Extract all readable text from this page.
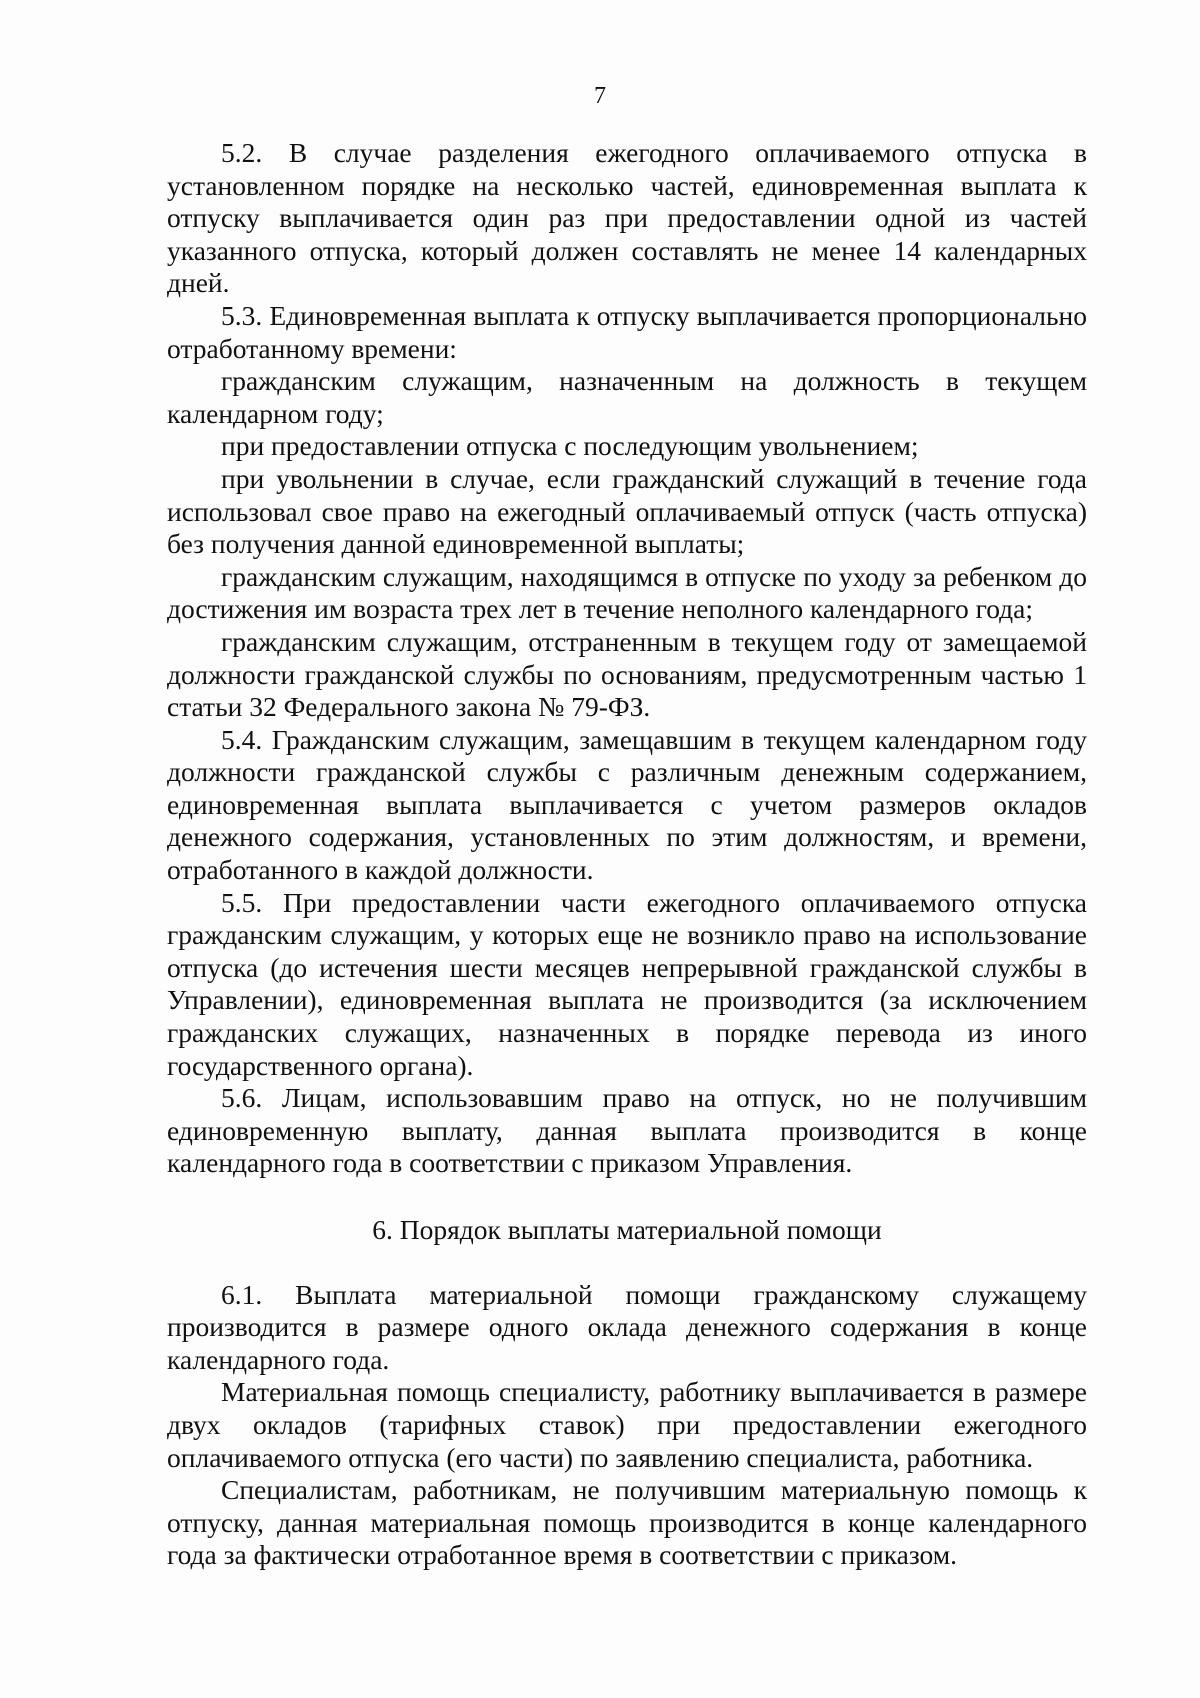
7

5.2. В случае разделения ежегодного оплачиваемого отпуска в установленном порядке на несколько частей, единовременная выплата к отпуску выплачивается один раз при предоставлении одной из частей указанного отпуска, который должен составлять не менее 14 календарных дней.

5.3. Единовременная выплата к отпуску выплачивается пропорционально отработанному времени:

гражданским служащим, назначенным на должность в текущем календарном году;

при предоставлении отпуска с последующим увольнением;

при увольнении в случае, если гражданский служащий в течение года использовал свое право на ежегодный оплачиваемый отпуск (часть отпуска) без получения данной единовременной выплаты;

гражданским служащим, находящимся в отпуске по уходу за ребенком до достижения им возраста трех лет в течение неполного календарного года;

гражданским служащим, отстраненным в текущем году от замещаемой должности гражданской службы по основаниям, предусмотренным частью 1 статьи 32 Федерального закона № 79-ФЗ.

5.4. Гражданским служащим, замещавшим в текущем календарном году должности гражданской службы с различным денежным содержанием, единовременная выплата выплачивается с учетом размеров окладов денежного содержания, установленных по этим должностям, и времени, отработанного в каждой должности.

5.5. При предоставлении части ежегодного оплачиваемого отпуска гражданским служащим, у которых еще не возникло право на использование отпуска (до истечения шести месяцев непрерывной гражданской службы в Управлении), единовременная выплата не производится (за исключением гражданских служащих, назначенных в порядке перевода из иного государственного органа).

5.6. Лицам, использовавшим право на отпуск, но не получившим единовременную выплату, данная выплата производится в конце календарного года в соответствии с приказом Управления.

6. Порядок выплаты материальной помощи

6.1. Выплата материальной помощи гражданскому служащему производится в размере одного оклада денежного содержания в конце календарного года.

Материальная помощь специалисту, работнику выплачивается в размере двух окладов (тарифных ставок) при предоставлении ежегодного оплачиваемого отпуска (его части) по заявлению специалиста, работника.

Специалистам, работникам, не получившим материальную помощь к отпуску, данная материальная помощь производится в конце календарного года за фактически отработанное время в соответствии с приказом.
